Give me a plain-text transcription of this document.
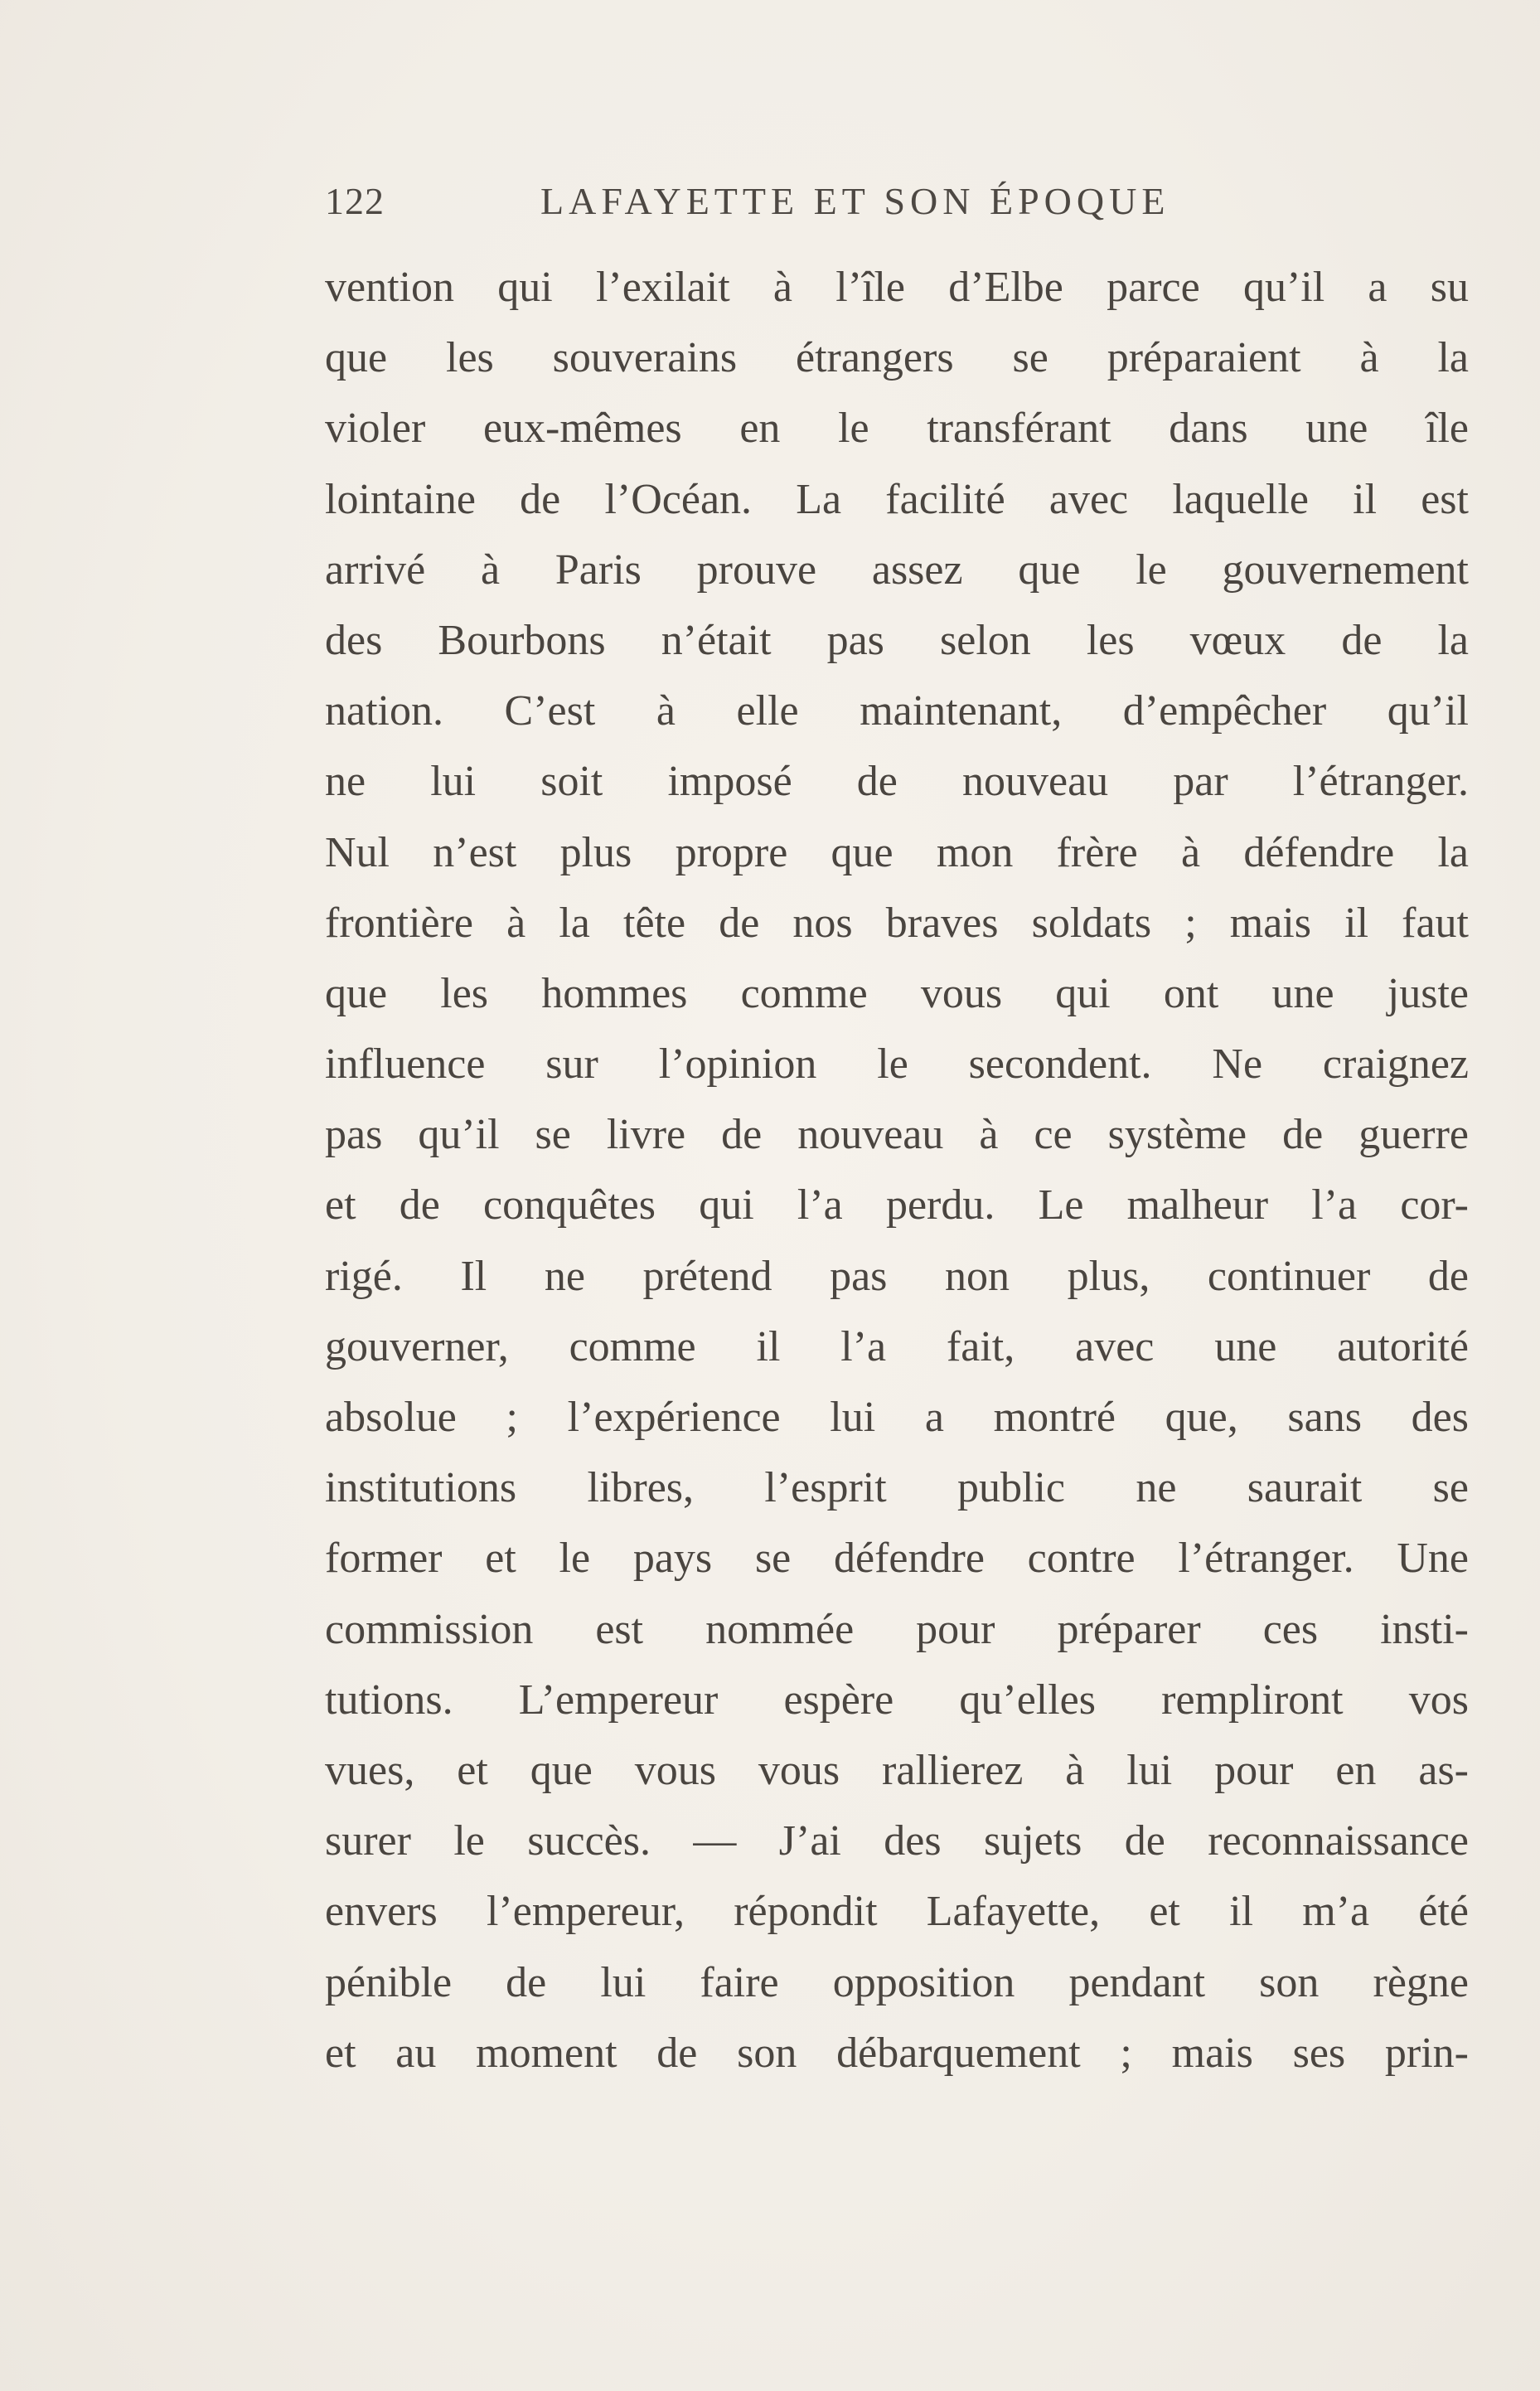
122	LAFAYETTE ET SON ÉPOQUE
vention qui l’exilait à l’île d’Elbe parce qu’il a su
que les souverains étrangers se préparaient à la
violer eux-mêmes en le transférant dans une île
lointaine de l’Océan. La facilité avec laquelle il est
arrivé à Paris prouve assez que le gouvernement
des Bourbons n’était pas selon les vœux de la
nation. C’est à elle maintenant, d’empêcher qu’il
ne lui soit imposé de nouveau par l’étranger.
Nul n’est plus propre que mon frère à défendre la
frontière à la tête de nos braves soldats ; mais il faut
que les hommes comme vous qui ont une juste
influence sur l’opinion le secondent. Ne craignez
pas qu’il se livre de nouveau à ce système de guerre
et de conquêtes qui l’a perdu. Le malheur l’a cor-
rigé. Il ne prétend pas non plus, continuer de
gouverner, comme il l’a fait, avec une autorité
absolue ; l’expérience lui a montré que, sans des
institutions libres, l’esprit public ne saurait se
former et le pays se défendre contre l’étranger. Une
commission est nommée pour préparer ces insti-
tutions. L’empereur espère qu’elles rempliront vos
vues, et que vous vous rallierez à lui pour en as-
surer le succès. — J’ai des sujets de reconnaissance
envers l’empereur, répondit Lafayette, et il m’a été
pénible de lui faire opposition pendant son règne
et au moment de son débarquement ; mais ses prin-
